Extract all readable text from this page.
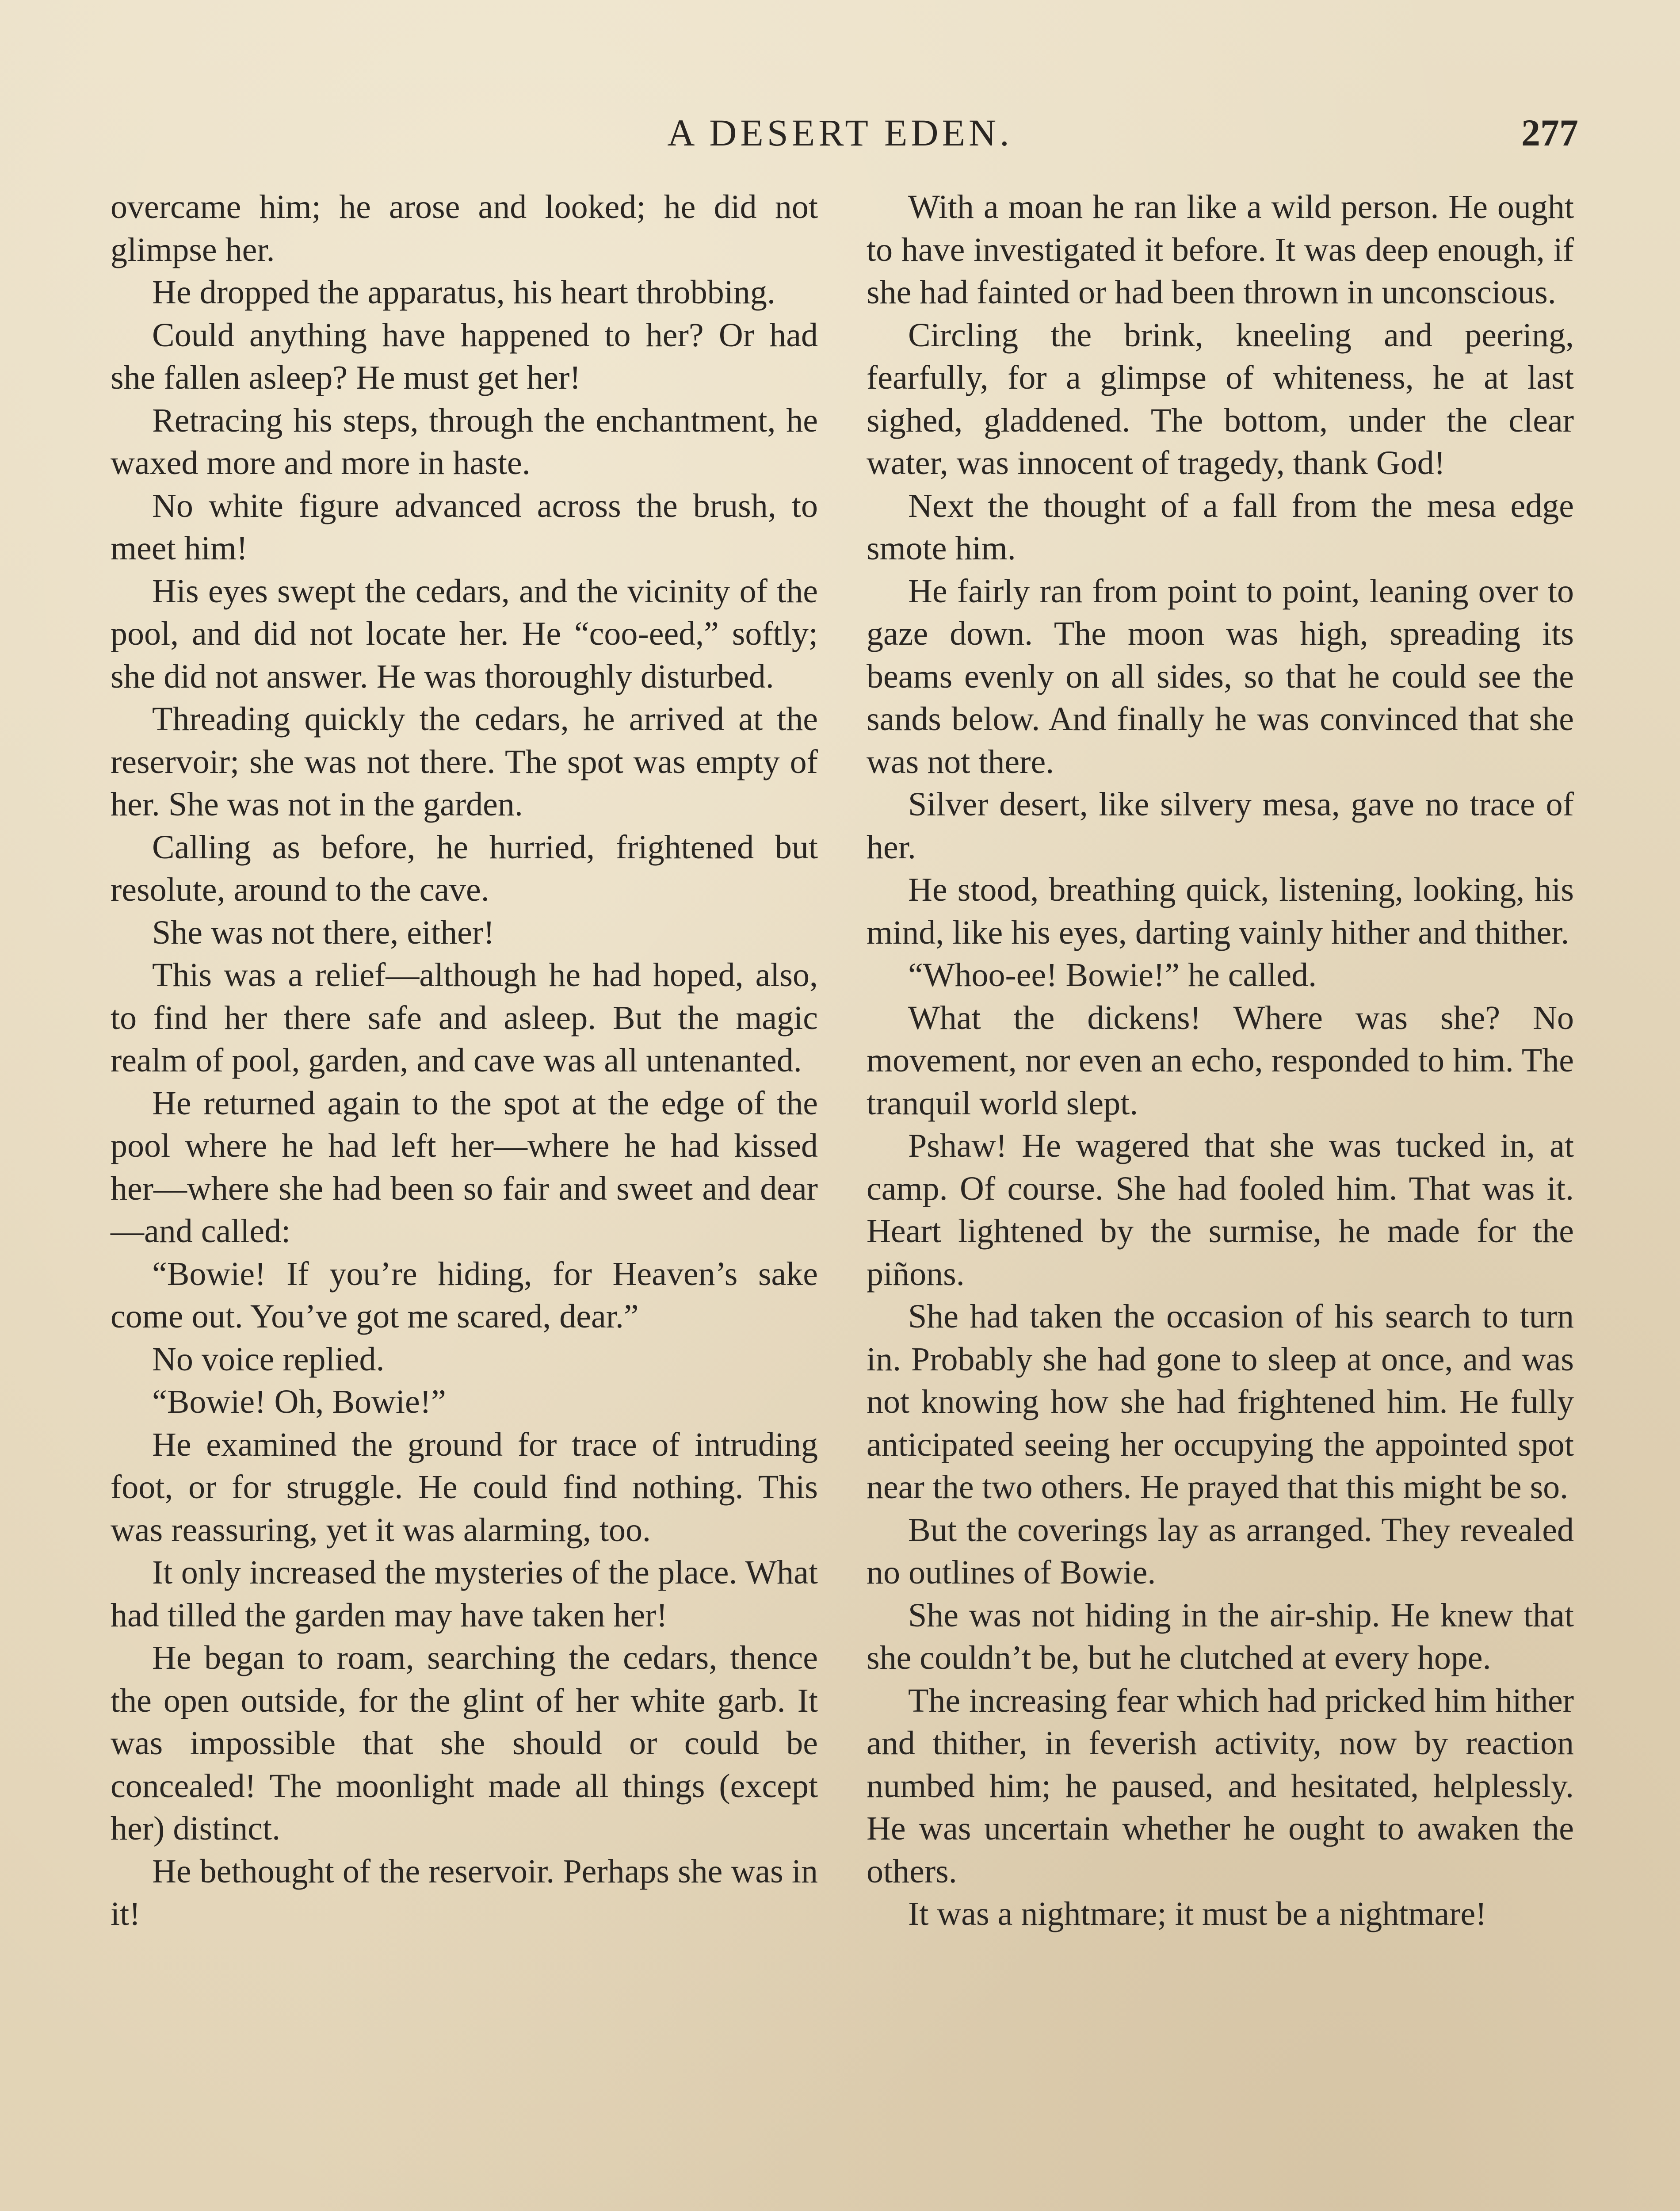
A DESERT EDEN.	277

overcame him; he arose and looked; he did not glimpse her.

He dropped the apparatus, his heart throbbing.

Could anything have happened to her? Or had she fallen asleep? He must get her!

Retracing his steps, through the enchantment, he waxed more and more in haste.

No white figure advanced across the brush, to meet him!

His eyes swept the cedars, and the vicinity of the pool, and did not locate her. He “coo-eed,” softly; she did not answer. He was thoroughly disturbed.

Threading quickly the cedars, he arrived at the reservoir; she was not there. The spot was empty of her. She was not in the garden.

Calling as before, he hurried, frightened but resolute, around to the cave.

She was not there, either!

This was a relief—although he had hoped, also, to find her there safe and asleep. But the magic realm of pool, garden, and cave was all untenanted.

He returned again to the spot at the edge of the pool where he had left her—where he had kissed her—where she had been so fair and sweet and dear—and called:

“Bowie! If you’re hiding, for Heaven’s sake come out. You’ve got me scared, dear.”

No voice replied.

“Bowie! Oh, Bowie!”

He examined the ground for trace of intruding foot, or for struggle. He could find nothing. This was reassuring, yet it was alarming, too.

It only increased the mysteries of the place. What had tilled the garden may have taken her!

He began to roam, searching the cedars, thence the open outside, for the glint of her white garb. It was impossible that she should or could be concealed! The moonlight made all things (except her) distinct.

He bethought of the reservoir. Perhaps she was in it!

With a moan he ran like a wild person. He ought to have investigated it before. It was deep enough, if she had fainted or had been thrown in unconscious.

Circling the brink, kneeling and peering, fearfully, for a glimpse of whiteness, he at last sighed, gladdened. The bottom, under the clear water, was innocent of tragedy, thank God!

Next the thought of a fall from the mesa edge smote him.

He fairly ran from point to point, leaning over to gaze down. The moon was high, spreading its beams evenly on all sides, so that he could see the sands below. And finally he was convinced that she was not there.

Silver desert, like silvery mesa, gave no trace of her.

He stood, breathing quick, listening, looking, his mind, like his eyes, darting vainly hither and thither.

“Whoo-ee! Bowie!” he called.

What the dickens! Where was she? No movement, nor even an echo, responded to him. The tranquil world slept.

Pshaw! He wagered that she was tucked in, at camp. Of course. She had fooled him. That was it. Heart lightened by the surmise, he made for the piñons.

She had taken the occasion of his search to turn in. Probably she had gone to sleep at once, and was not knowing how she had frightened him. He fully anticipated seeing her occupying the appointed spot near the two others. He prayed that this might be so.

But the coverings lay as arranged. They revealed no outlines of Bowie.

She was not hiding in the air-ship. He knew that she couldn’t be, but he clutched at every hope.

The increasing fear which had pricked him hither and thither, in feverish activity, now by reaction numbed him; he paused, and hesitated, helplessly. He was uncertain whether he ought to awaken the others.

It was a nightmare; it must be a nightmare!
